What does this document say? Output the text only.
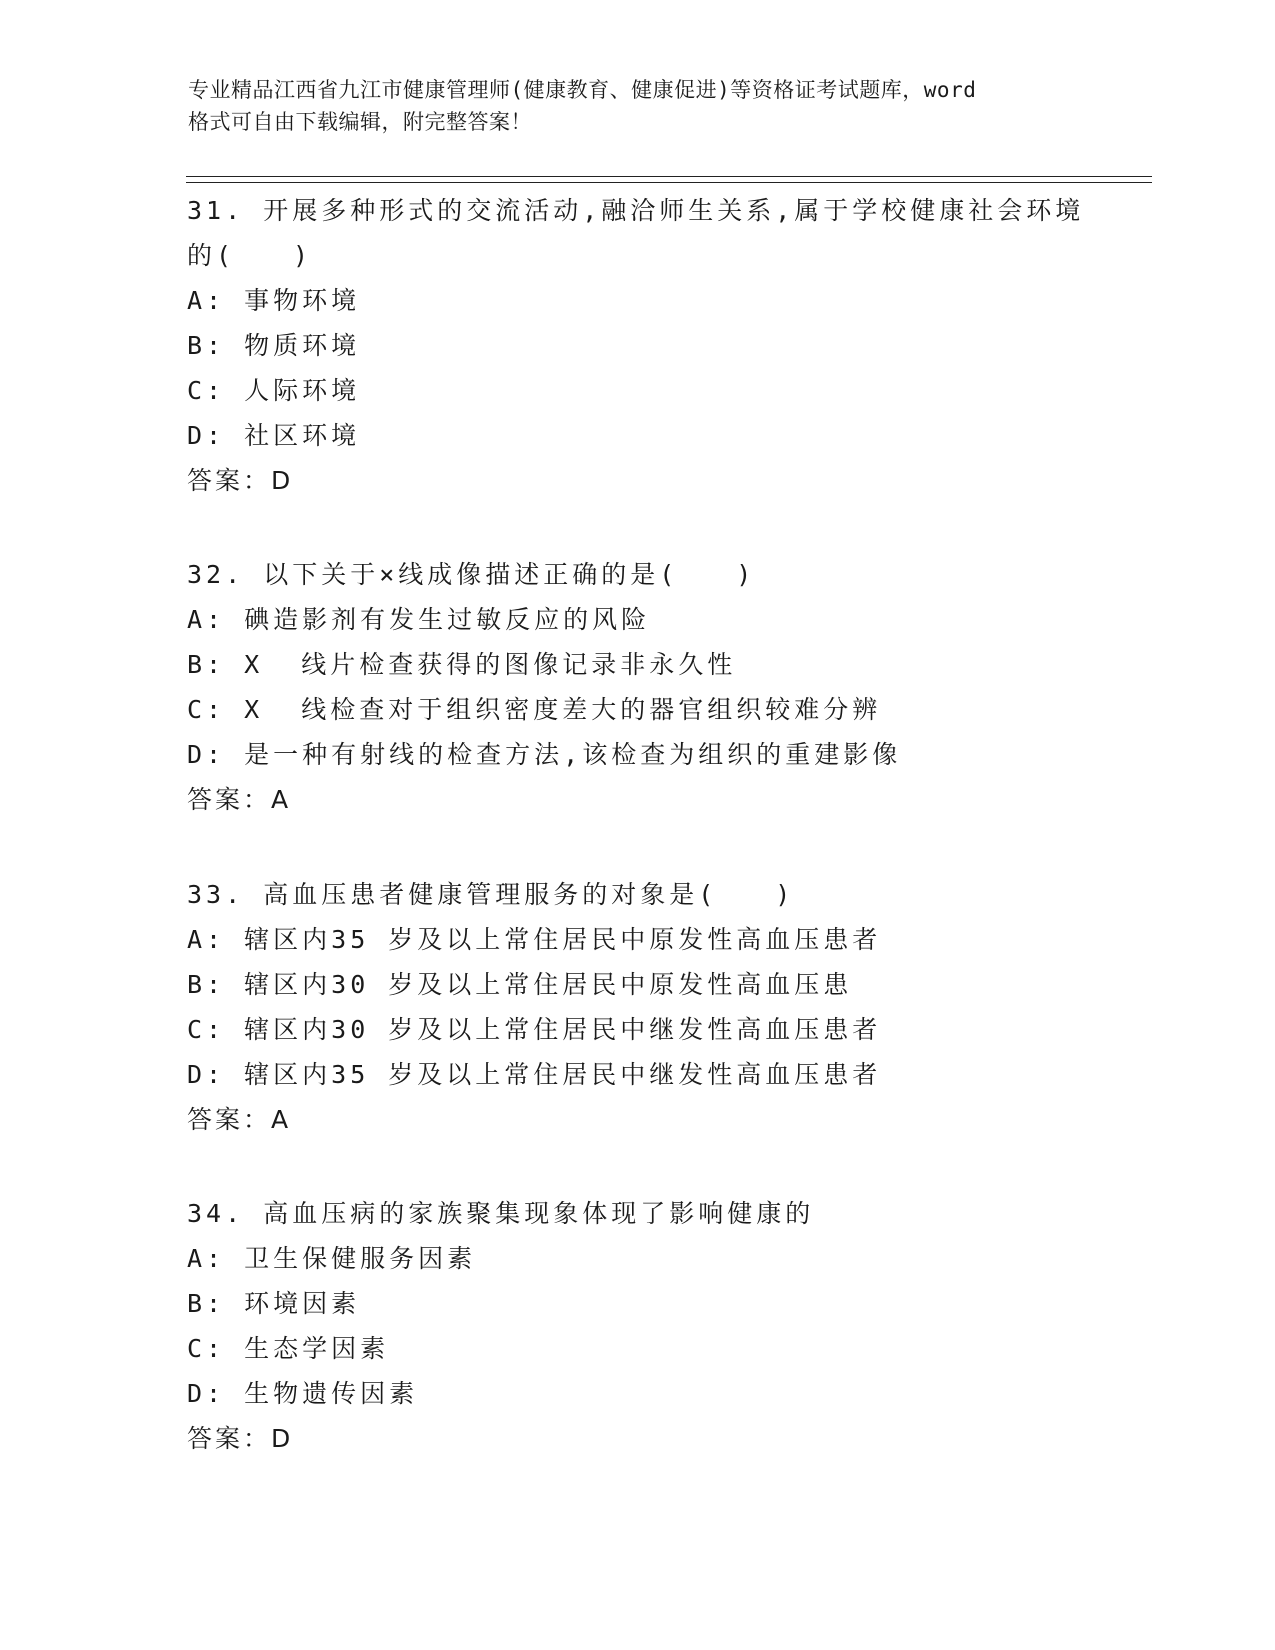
专业精品江西省九江市健康管理师(健康教育、健康促进)等资格证考试题库，word
格式可自由下载编辑，附完整答案！

31. 开展多种形式的交流活动,融洽师生关系,属于学校健康社会环境

的(　　)

A: 事物环境

B: 物质环境

C: 人际环境

D: 社区环境

答案：D

32. 以下关于×线成像描述正确的是(　　)

A: 碘造影剂有发生过敏反应的风险

B: X  线片检查获得的图像记录非永久性

C: X  线检查对于组织密度差大的器官组织较难分辨

D: 是一种有射线的检查方法,该检查为组织的重建影像

答案：A

33. 高血压患者健康管理服务的对象是(　　)

A: 辖区内35 岁及以上常住居民中原发性高血压患者

B: 辖区内30 岁及以上常住居民中原发性高血压患

C: 辖区内30 岁及以上常住居民中继发性高血压患者

D: 辖区内35 岁及以上常住居民中继发性高血压患者

答案：A

34. 高血压病的家族聚集现象体现了影响健康的

A: 卫生保健服务因素

B: 环境因素

C: 生态学因素

D: 生物遗传因素

答案：D
